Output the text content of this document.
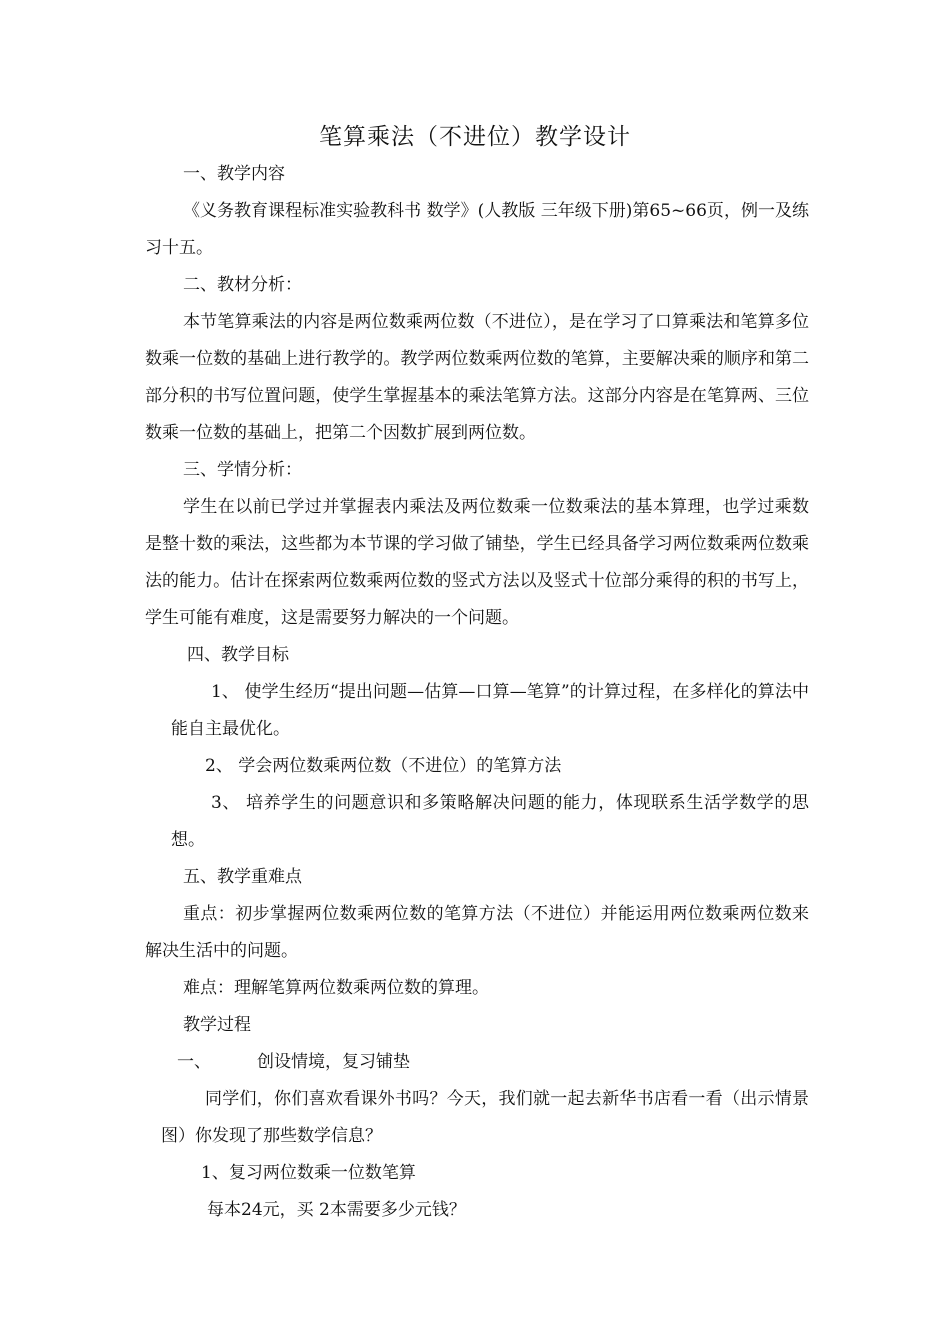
笔算乘法（不进位）教学设计

一、教学内容

《义务教育课程标准实验教科书 数学》(人教版 三年级下册)第65~66页，例一及练习十五。

二、教材分析：

本节笔算乘法的内容是两位数乘两位数（不进位），是在学习了口算乘法和笔算多位数乘一位数的基础上进行教学的。教学两位数乘两位数的笔算，主要解决乘的顺序和第二部分积的书写位置问题，使学生掌握基本的乘法笔算方法。这部分内容是在笔算两、三位数乘一位数的基础上，把第二个因数扩展到两位数。

三、学情分析：

学生在以前已学过并掌握表内乘法及两位数乘一位数乘法的基本算理，也学过乘数是整十数的乘法，这些都为本节课的学习做了铺垫，学生已经具备学习两位数乘两位数乘法的能力。估计在探索两位数乘两位数的竖式方法以及竖式十位部分乘得的积的书写上，学生可能有难度，这是需要努力解决的一个问题。

四、教学目标

1、 使学生经历“提出问题—估算—口算—笔算”的计算过程，在多样化的算法中能自主最优化。

2、 学会两位数乘两位数（不进位）的笔算方法

3、 培养学生的问题意识和多策略解决问题的能力，体现联系生活学数学的思想。

五、教学重难点

重点：初步掌握两位数乘两位数的笔算方法（不进位）并能运用两位数乘两位数来解决生活中的问题。

难点：理解笔算两位数乘两位数的算理。

教学过程

一、	创设情境，复习铺垫

同学们，你们喜欢看课外书吗？今天，我们就一起去新华书店看一看（出示情景图）你发现了那些数学信息？

1、复习两位数乘一位数笔算

每本24元，买 2本需要多少元钱？
